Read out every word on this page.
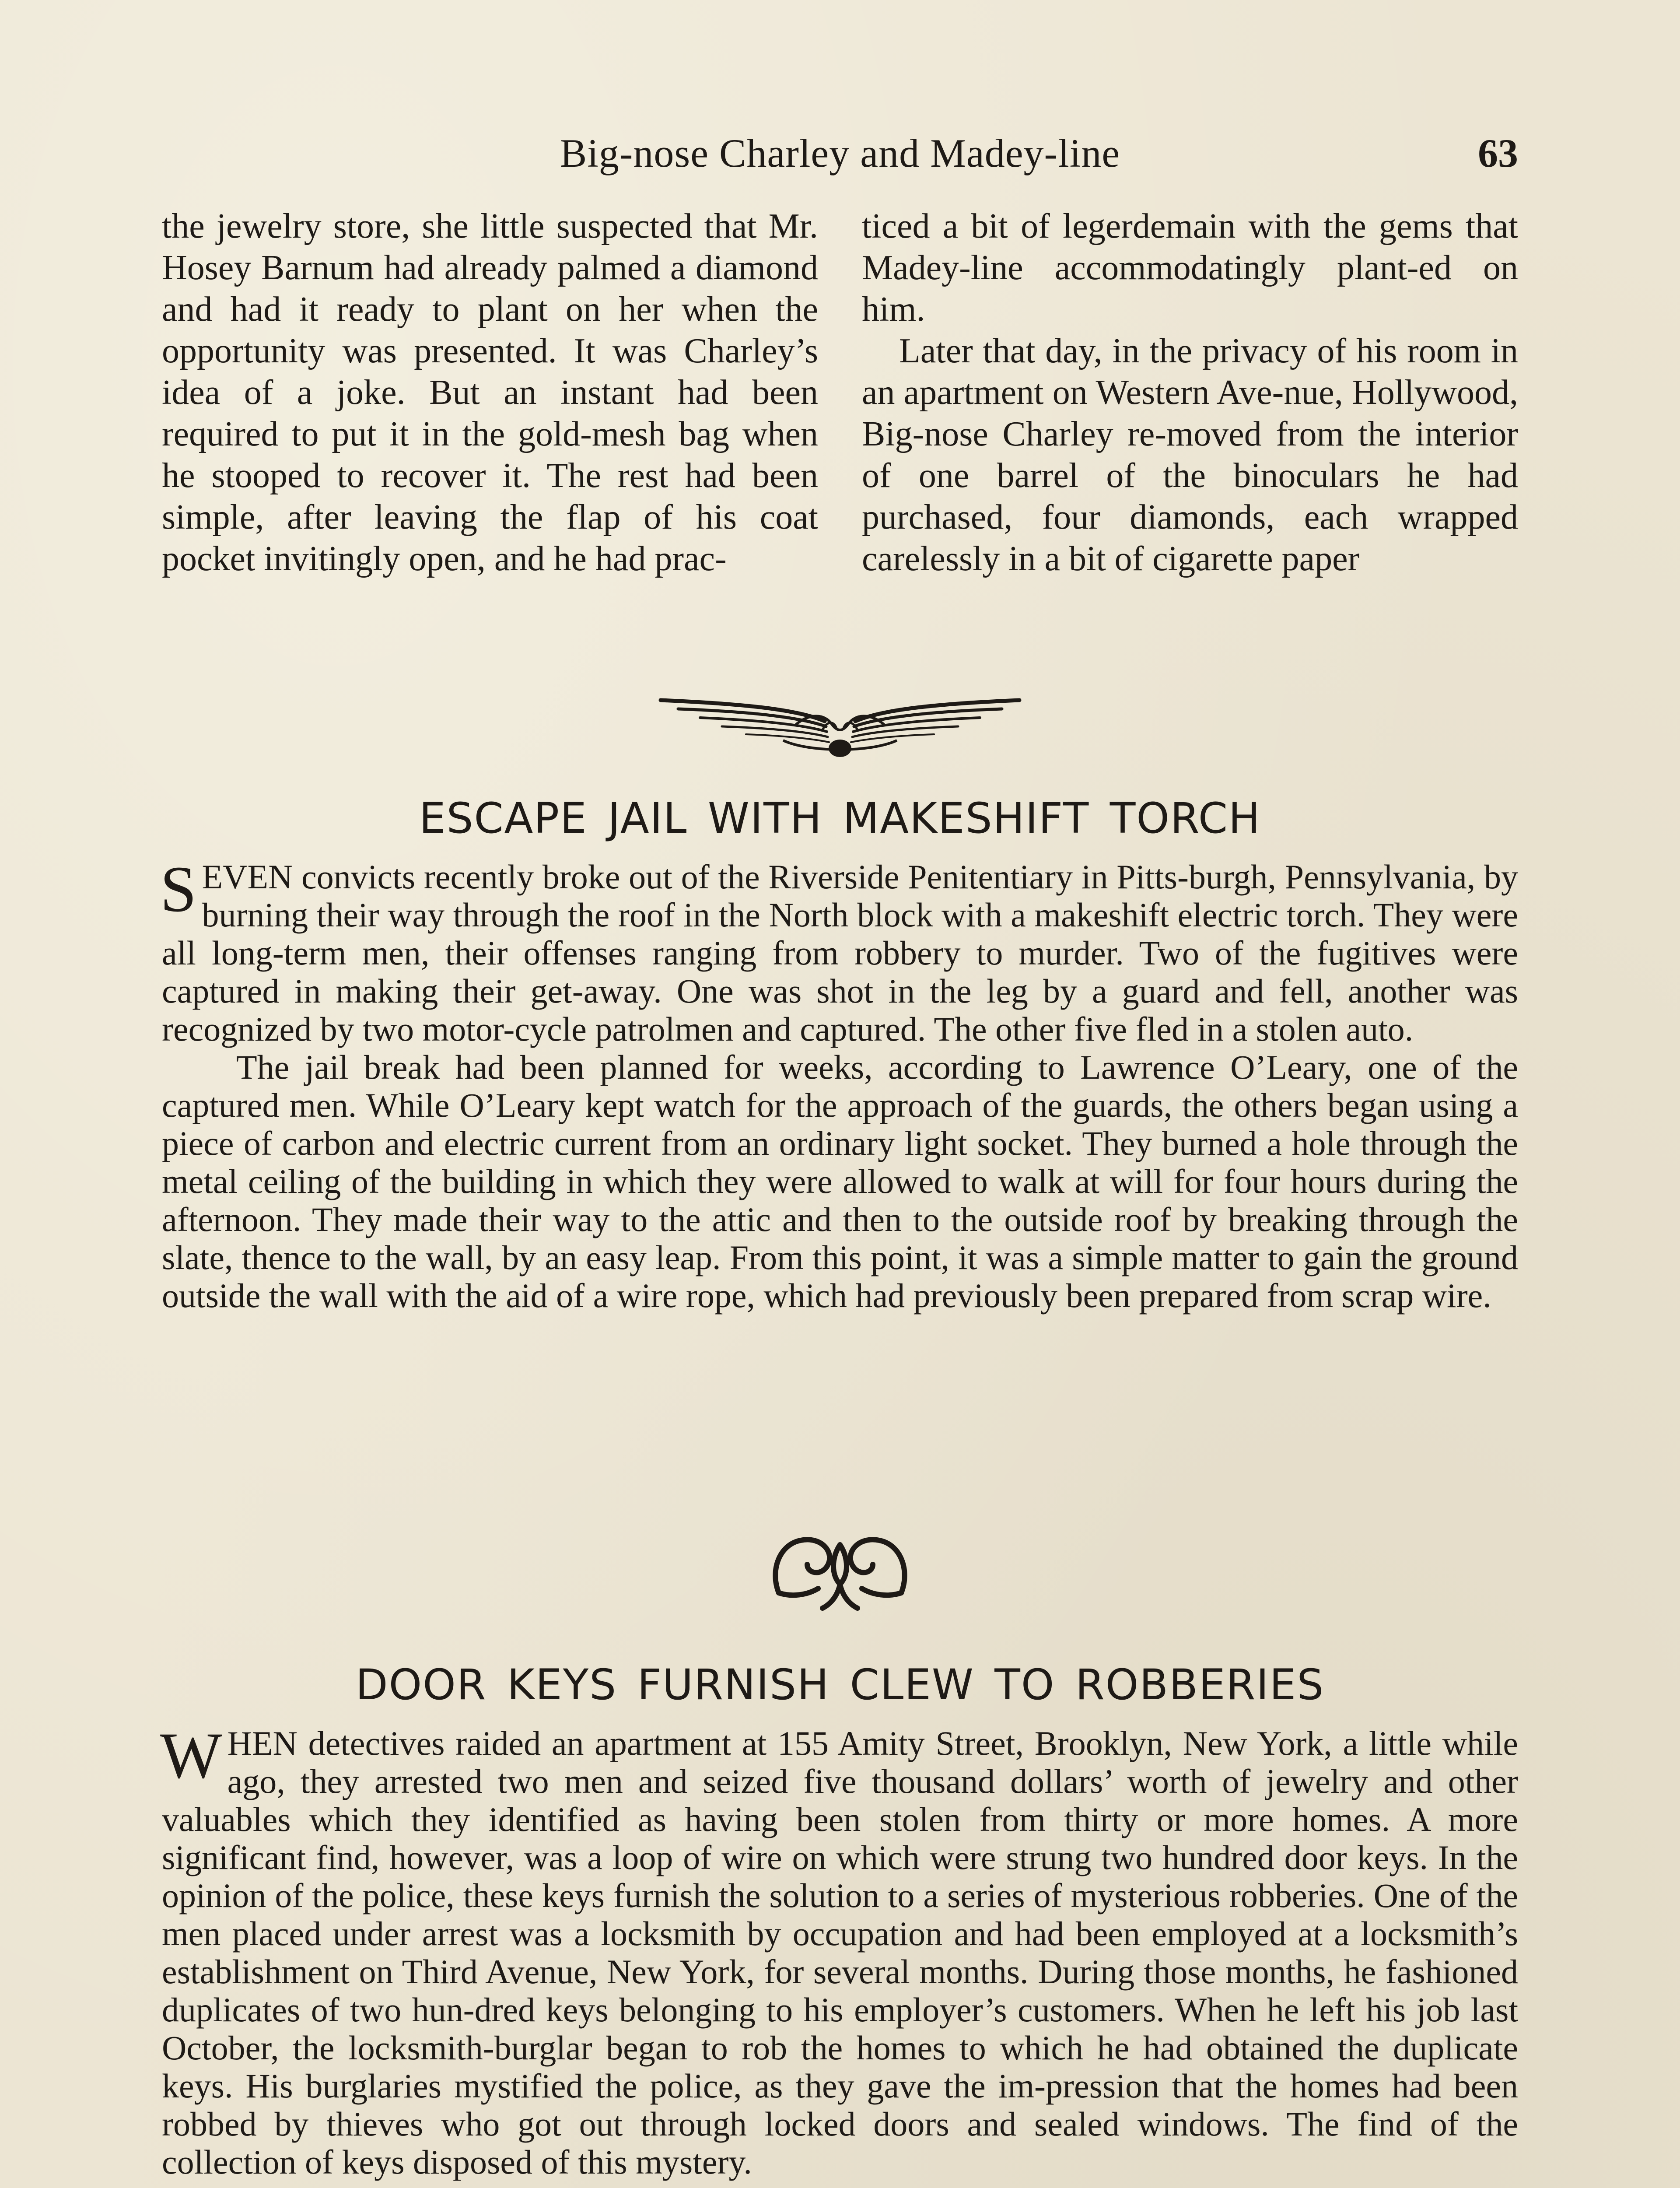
Big-nose Charley and Madey-line	63

the jewelry store, she little suspected that Mr. Hosey Barnum had already palmed a diamond and had it ready to plant on her when the opportunity was presented. It was Charley’s idea of a joke. But an instant had been required to put it in the gold-mesh bag when he stooped to recover it. The rest had been simple, after leaving the flap of his coat pocket invitingly open, and he had prac-

ticed a bit of legerdemain with the gems that Madey-line accommodatingly plant-ed on him.

Later that day, in the privacy of his room in an apartment on Western Ave-nue, Hollywood, Big-nose Charley re-moved from the interior of one barrel of the binoculars he had purchased, four diamonds, each wrapped carelessly in a bit of cigarette paper

ESCAPE JAIL WITH MAKESHIFT TORCH

SEVEN convicts recently broke out of the Riverside Penitentiary in Pitts-burgh, Pennsylvania, by burning their way through the roof in the North block with a makeshift electric torch. They were all long-term men, their offenses ranging from robbery to murder. Two of the fugitives were captured in making their get-away. One was shot in the leg by a guard and fell, another was recognized by two motor-cycle patrolmen and captured. The other five fled in a stolen auto.

The jail break had been planned for weeks, according to Lawrence O’Leary, one of the captured men. While O’Leary kept watch for the approach of the guards, the others began using a piece of carbon and electric current from an ordinary light socket. They burned a hole through the metal ceiling of the building in which they were allowed to walk at will for four hours during the afternoon. They made their way to the attic and then to the outside roof by breaking through the slate, thence to the wall, by an easy leap. From this point, it was a simple matter to gain the ground outside the wall with the aid of a wire rope, which had previously been prepared from scrap wire.

DOOR KEYS FURNISH CLEW TO ROBBERIES

WHEN detectives raided an apartment at 155 Amity Street, Brooklyn, New York, a little while ago, they arrested two men and seized five thousand dollars’ worth of jewelry and other valuables which they identified as having been stolen from thirty or more homes. A more significant find, however, was a loop of wire on which were strung two hundred door keys. In the opinion of the police, these keys furnish the solution to a series of mysterious robberies. One of the men placed under arrest was a locksmith by occupation and had been employed at a locksmith’s establishment on Third Avenue, New York, for several months. During those months, he fashioned duplicates of two hun-dred keys belonging to his employer’s customers. When he left his job last October, the locksmith-burglar began to rob the homes to which he had obtained the duplicate keys. His burglaries mystified the police, as they gave the im-pression that the homes had been robbed by thieves who got out through locked doors and sealed windows. The find of the collection of keys disposed of this mystery.
